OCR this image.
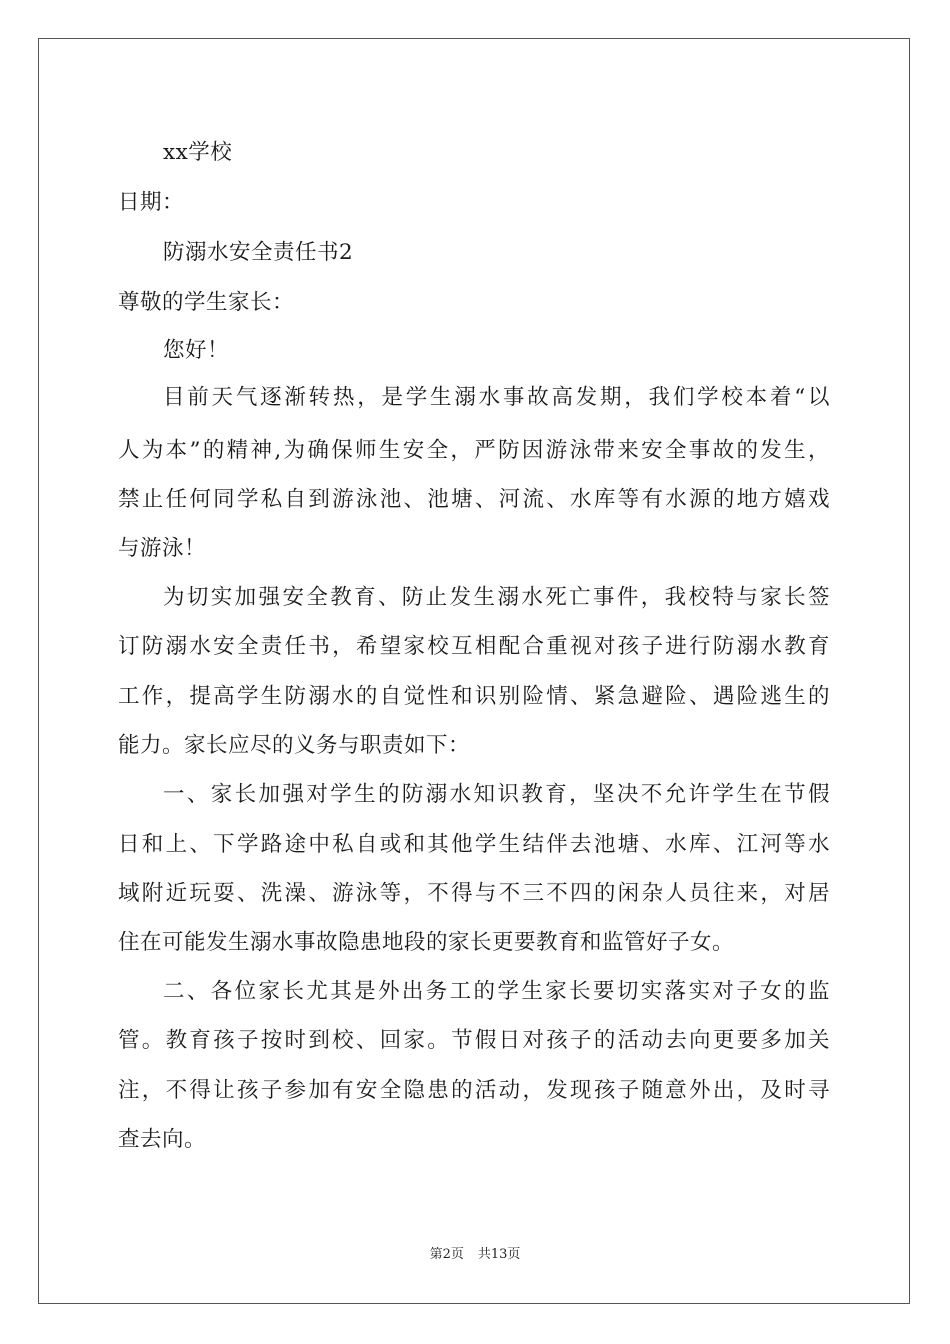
xx学校
日期：
防溺水安全责任书2
尊敬的学生家长：
您好！
目前天气逐渐转热，是学生溺水事故高发期，我们学校本着“以
人为本”的精神,为确保师生安全，严防因游泳带来安全事故的发生，
禁止任何同学私自到游泳池、池塘、河流、水库等有水源的地方嬉戏
与游泳！
为切实加强安全教育、防止发生溺水死亡事件，我校特与家长签
订防溺水安全责任书，希望家校互相配合重视对孩子进行防溺水教育
工作，提高学生防溺水的自觉性和识别险情、紧急避险、遇险逃生的
能力。家长应尽的义务与职责如下：
一、家长加强对学生的防溺水知识教育，坚决不允许学生在节假
日和上、下学路途中私自或和其他学生结伴去池塘、水库、江河等水
域附近玩耍、洗澡、游泳等，不得与不三不四的闲杂人员往来，对居
住在可能发生溺水事故隐患地段的家长更要教育和监管好子女。
二、各位家长尤其是外出务工的学生家长要切实落实对子女的监
管。教育孩子按时到校、回家。节假日对孩子的活动去向更要多加关
注，不得让孩子参加有安全隐患的活动，发现孩子随意外出，及时寻
查去向。
第2页 共13页
